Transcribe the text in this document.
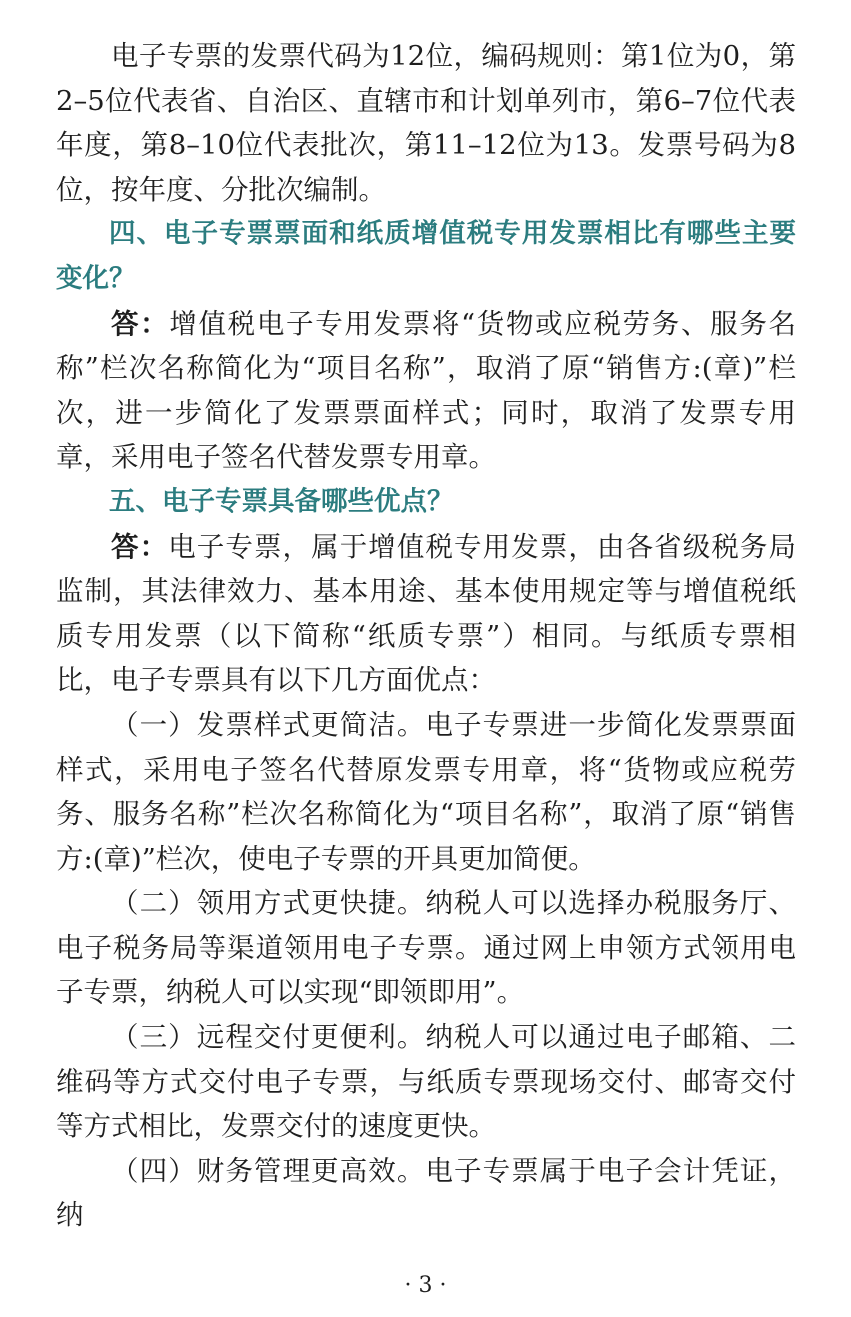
电子专票的发票代码为12位，编码规则：第1位为0，第2–5位代表省、自治区、直辖市和计划单列市，第6–7位代表年度，第8–10位代表批次，第11–12位为13。发票号码为8位，按年度、分批次编制。

四、电子专票票面和纸质增值税专用发票相比有哪些主要变化？

答：增值税电子专用发票将“货物或应税劳务、服务名称”栏次名称简化为“项目名称”，取消了原“销售方:(章)”栏次，进一步简化了发票票面样式；同时，取消了发票专用章，采用电子签名代替发票专用章。

五、电子专票具备哪些优点？

答：电子专票，属于增值税专用发票，由各省级税务局监制，其法律效力、基本用途、基本使用规定等与增值税纸质专用发票（以下简称“纸质专票”）相同。与纸质专票相比，电子专票具有以下几方面优点：

（一）发票样式更简洁。电子专票进一步简化发票票面样式，采用电子签名代替原发票专用章，将“货物或应税劳务、服务名称”栏次名称简化为“项目名称”，取消了原“销售方:(章)”栏次，使电子专票的开具更加简便。

（二）领用方式更快捷。纳税人可以选择办税服务厅、电子税务局等渠道领用电子专票。通过网上申领方式领用电子专票，纳税人可以实现“即领即用”。

（三）远程交付更便利。纳税人可以通过电子邮箱、二维码等方式交付电子专票，与纸质专票现场交付、邮寄交付等方式相比，发票交付的速度更快。

（四）财务管理更高效。电子专票属于电子会计凭证，纳

· 3 ·
